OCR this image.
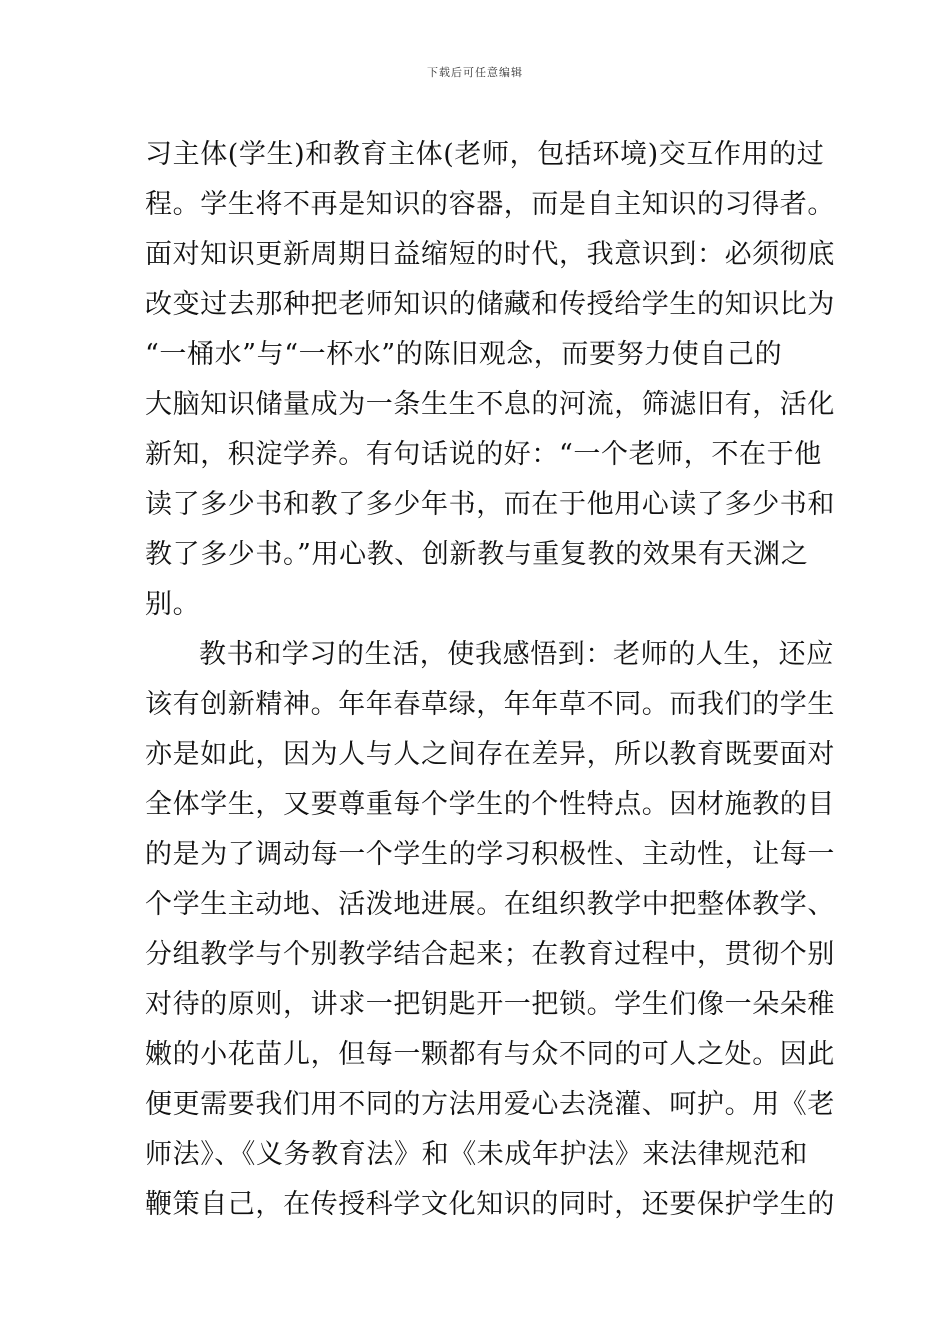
下载后可任意编辑
习主体(学生)和教育主体(老师，包括环境)交互作用的过
程。学生将不再是知识的容器，而是自主知识的习得者。
面对知识更新周期日益缩短的时代，我意识到：必须彻底
改变过去那种把老师知识的储藏和传授给学生的知识比为
“一桶水”与“一杯水”的陈旧观念，而要努力使自己的
大脑知识储量成为一条生生不息的河流，筛滤旧有，活化
新知，积淀学养。有句话说的好：“一个老师，不在于他
读了多少书和教了多少年书，而在于他用心读了多少书和
教了多少书。”用心教、创新教与重复教的效果有天渊之
别。
教书和学习的生活，使我感悟到：老师的人生，还应
该有创新精神。年年春草绿，年年草不同。而我们的学生
亦是如此，因为人与人之间存在差异，所以教育既要面对
全体学生，又要尊重每个学生的个性特点。因材施教的目
的是为了调动每一个学生的学习积极性、主动性，让每一
个学生主动地、活泼地进展。在组织教学中把整体教学、
分组教学与个别教学结合起来；在教育过程中，贯彻个别
对待的原则，讲求一把钥匙开一把锁。学生们像一朵朵稚
嫩的小花苗儿，但每一颗都有与众不同的可人之处。因此
便更需要我们用不同的方法用爱心去浇灌、呵护。用《老
师法》、《义务教育法》和《未成年护法》来法律规范和
鞭策自己，在传授科学文化知识的同时，还要保护学生的
